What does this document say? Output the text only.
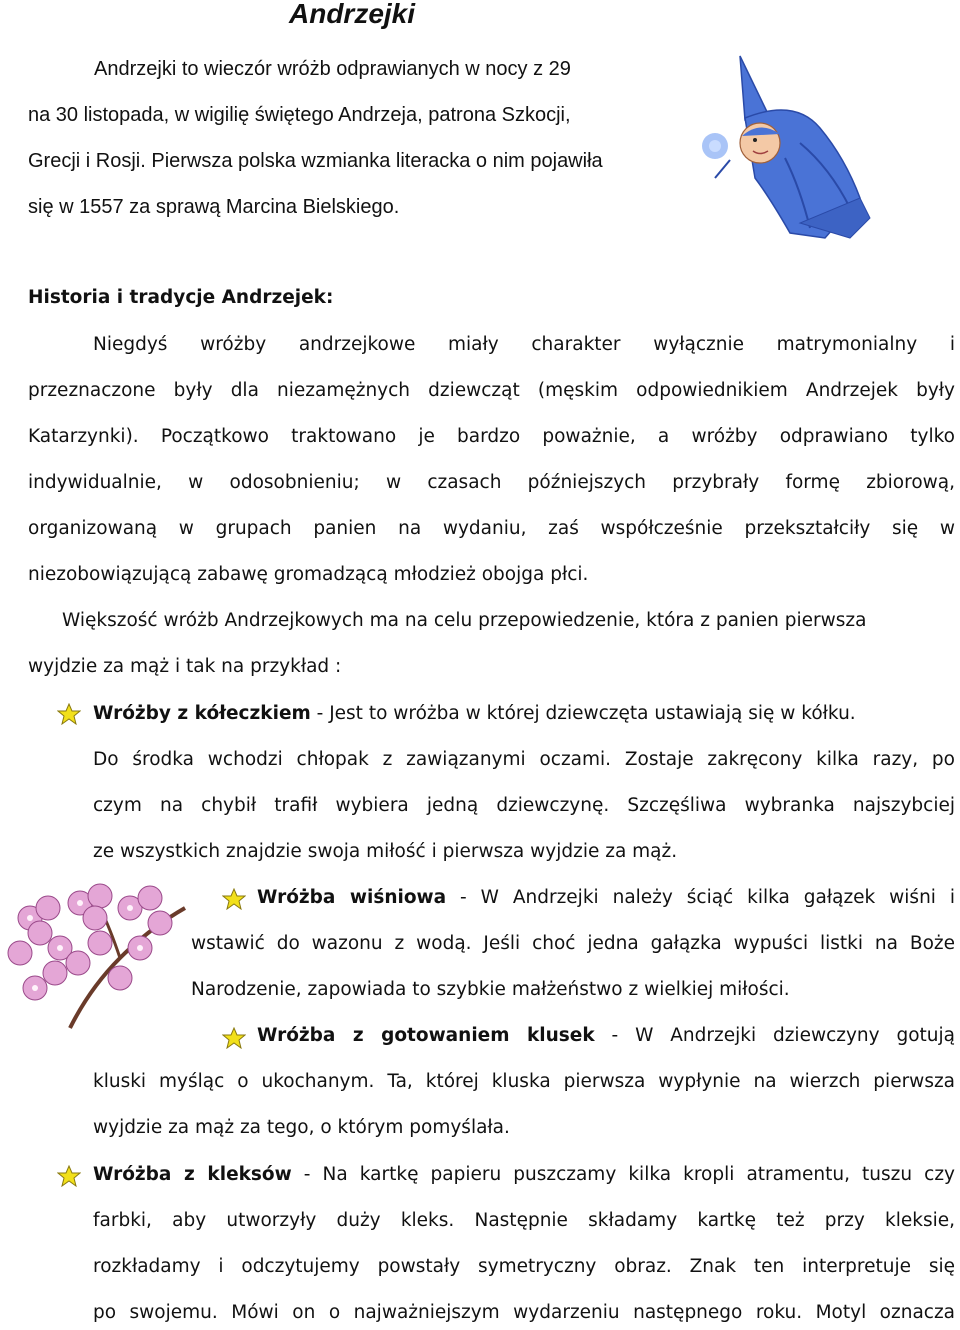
Andrzejki
Andrzejki to wieczór wróżb odprawianych w nocy z 29
na 30 listopada, w wigilię świętego Andrzeja, patrona Szkocji,
Grecji i Rosji. Pierwsza polska wzmianka literacka o nim pojawiła
się w 1557 za sprawą Marcina Bielskiego.
Historia i tradycje Andrzejek:
Niegdyś wróżby andrzejkowe miały charakter wyłącznie matrymonialny i
przeznaczone były dla niezamężnych dziewcząt (męskim odpowiednikiem Andrzejek były
Katarzynki). Początkowo traktowano je bardzo poważnie, a wróżby odprawiano tylko
indywidualnie, w odosobnieniu; w czasach późniejszych przybrały formę zbiorową,
organizowaną w grupach panien na wydaniu, zaś współcześnie przekształciły się w
niezobowiązującą zabawę gromadzącą młodzież obojga płci.
Większość wróżb Andrzejkowych ma na celu przepowiedzenie, która z panien pierwsza
wyjdzie za mąż i tak na przykład :
Wróżby z kółeczkiem - Jest to wróżba w której dziewczęta ustawiają się w kółku.
Do środka wchodzi chłopak z zawiązanymi oczami. Zostaje zakręcony kilka razy, po
czym na chybił trafił wybiera jedną dziewczynę. Szczęśliwa wybranka najszybciej
ze wszystkich znajdzie swoja miłość i pierwsza wyjdzie za mąż.
Wróżba wiśniowa - W Andrzejki należy ściąć kilka gałązek wiśni i
wstawić do wazonu z wodą. Jeśli choć jedna gałązka wypuści listki na Boże
Narodzenie, zapowiada to szybkie małżeństwo z wielkiej miłości.
Wróżba z gotowaniem klusek - W Andrzejki dziewczyny gotują
kluski myśląc o ukochanym. Ta, której kluska pierwsza wypłynie na wierzch pierwsza
wyjdzie za mąż za tego, o którym pomyślała.
Wróżba z kleksów - Na kartkę papieru puszczamy kilka kropli atramentu, tuszu czy
farbki, aby utworzyły duży kleks. Następnie składamy kartkę też przy kleksie,
rozkładamy i odczytujemy powstały symetryczny obraz. Znak ten interpretuje się
po swojemu. Mówi on o najważniejszym wydarzeniu następnego roku. Motyl oznacza
